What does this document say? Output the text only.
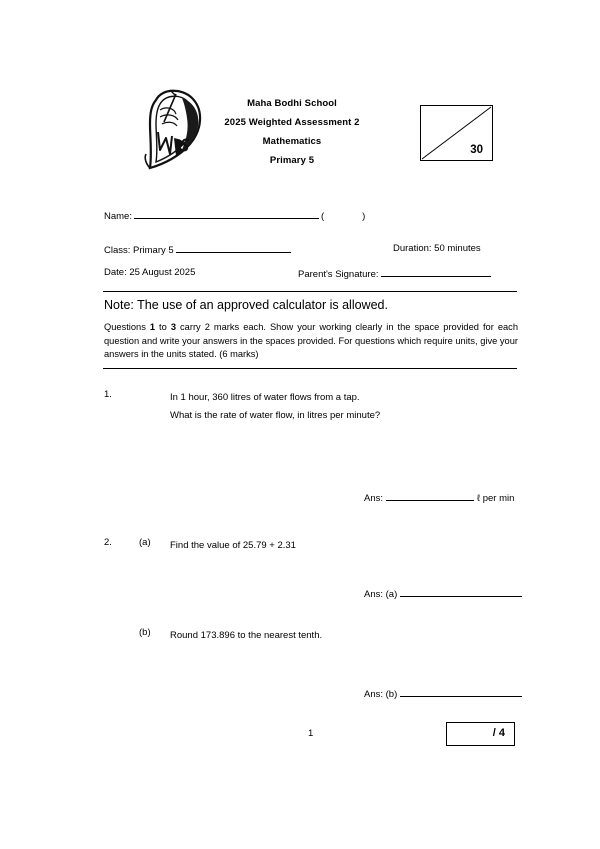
Maha Bodhi School
2025 Weighted Assessment 2
Mathematics
Primary 5
30
Name:	(	)
Class: Primary 5	Duration: 50 minutes
Date: 25 August 2025	Parent's Signature:
Note: The use of an approved calculator is allowed.
Questions 1 to 3 carry 2 marks each. Show your working clearly in the space provided for each question and write your answers in the spaces provided. For questions which require units, give your answers in the units stated. (6 marks)
1.	In 1 hour, 360 litres of water flows from a tap.
What is the rate of water flow, in litres per minute?
Ans:	ℓ per min
2.	(a) Find the value of 25.79 + 2.31
Ans: (a)
(b) Round 173.896 to the nearest tenth.
Ans: (b)
1	/ 4
